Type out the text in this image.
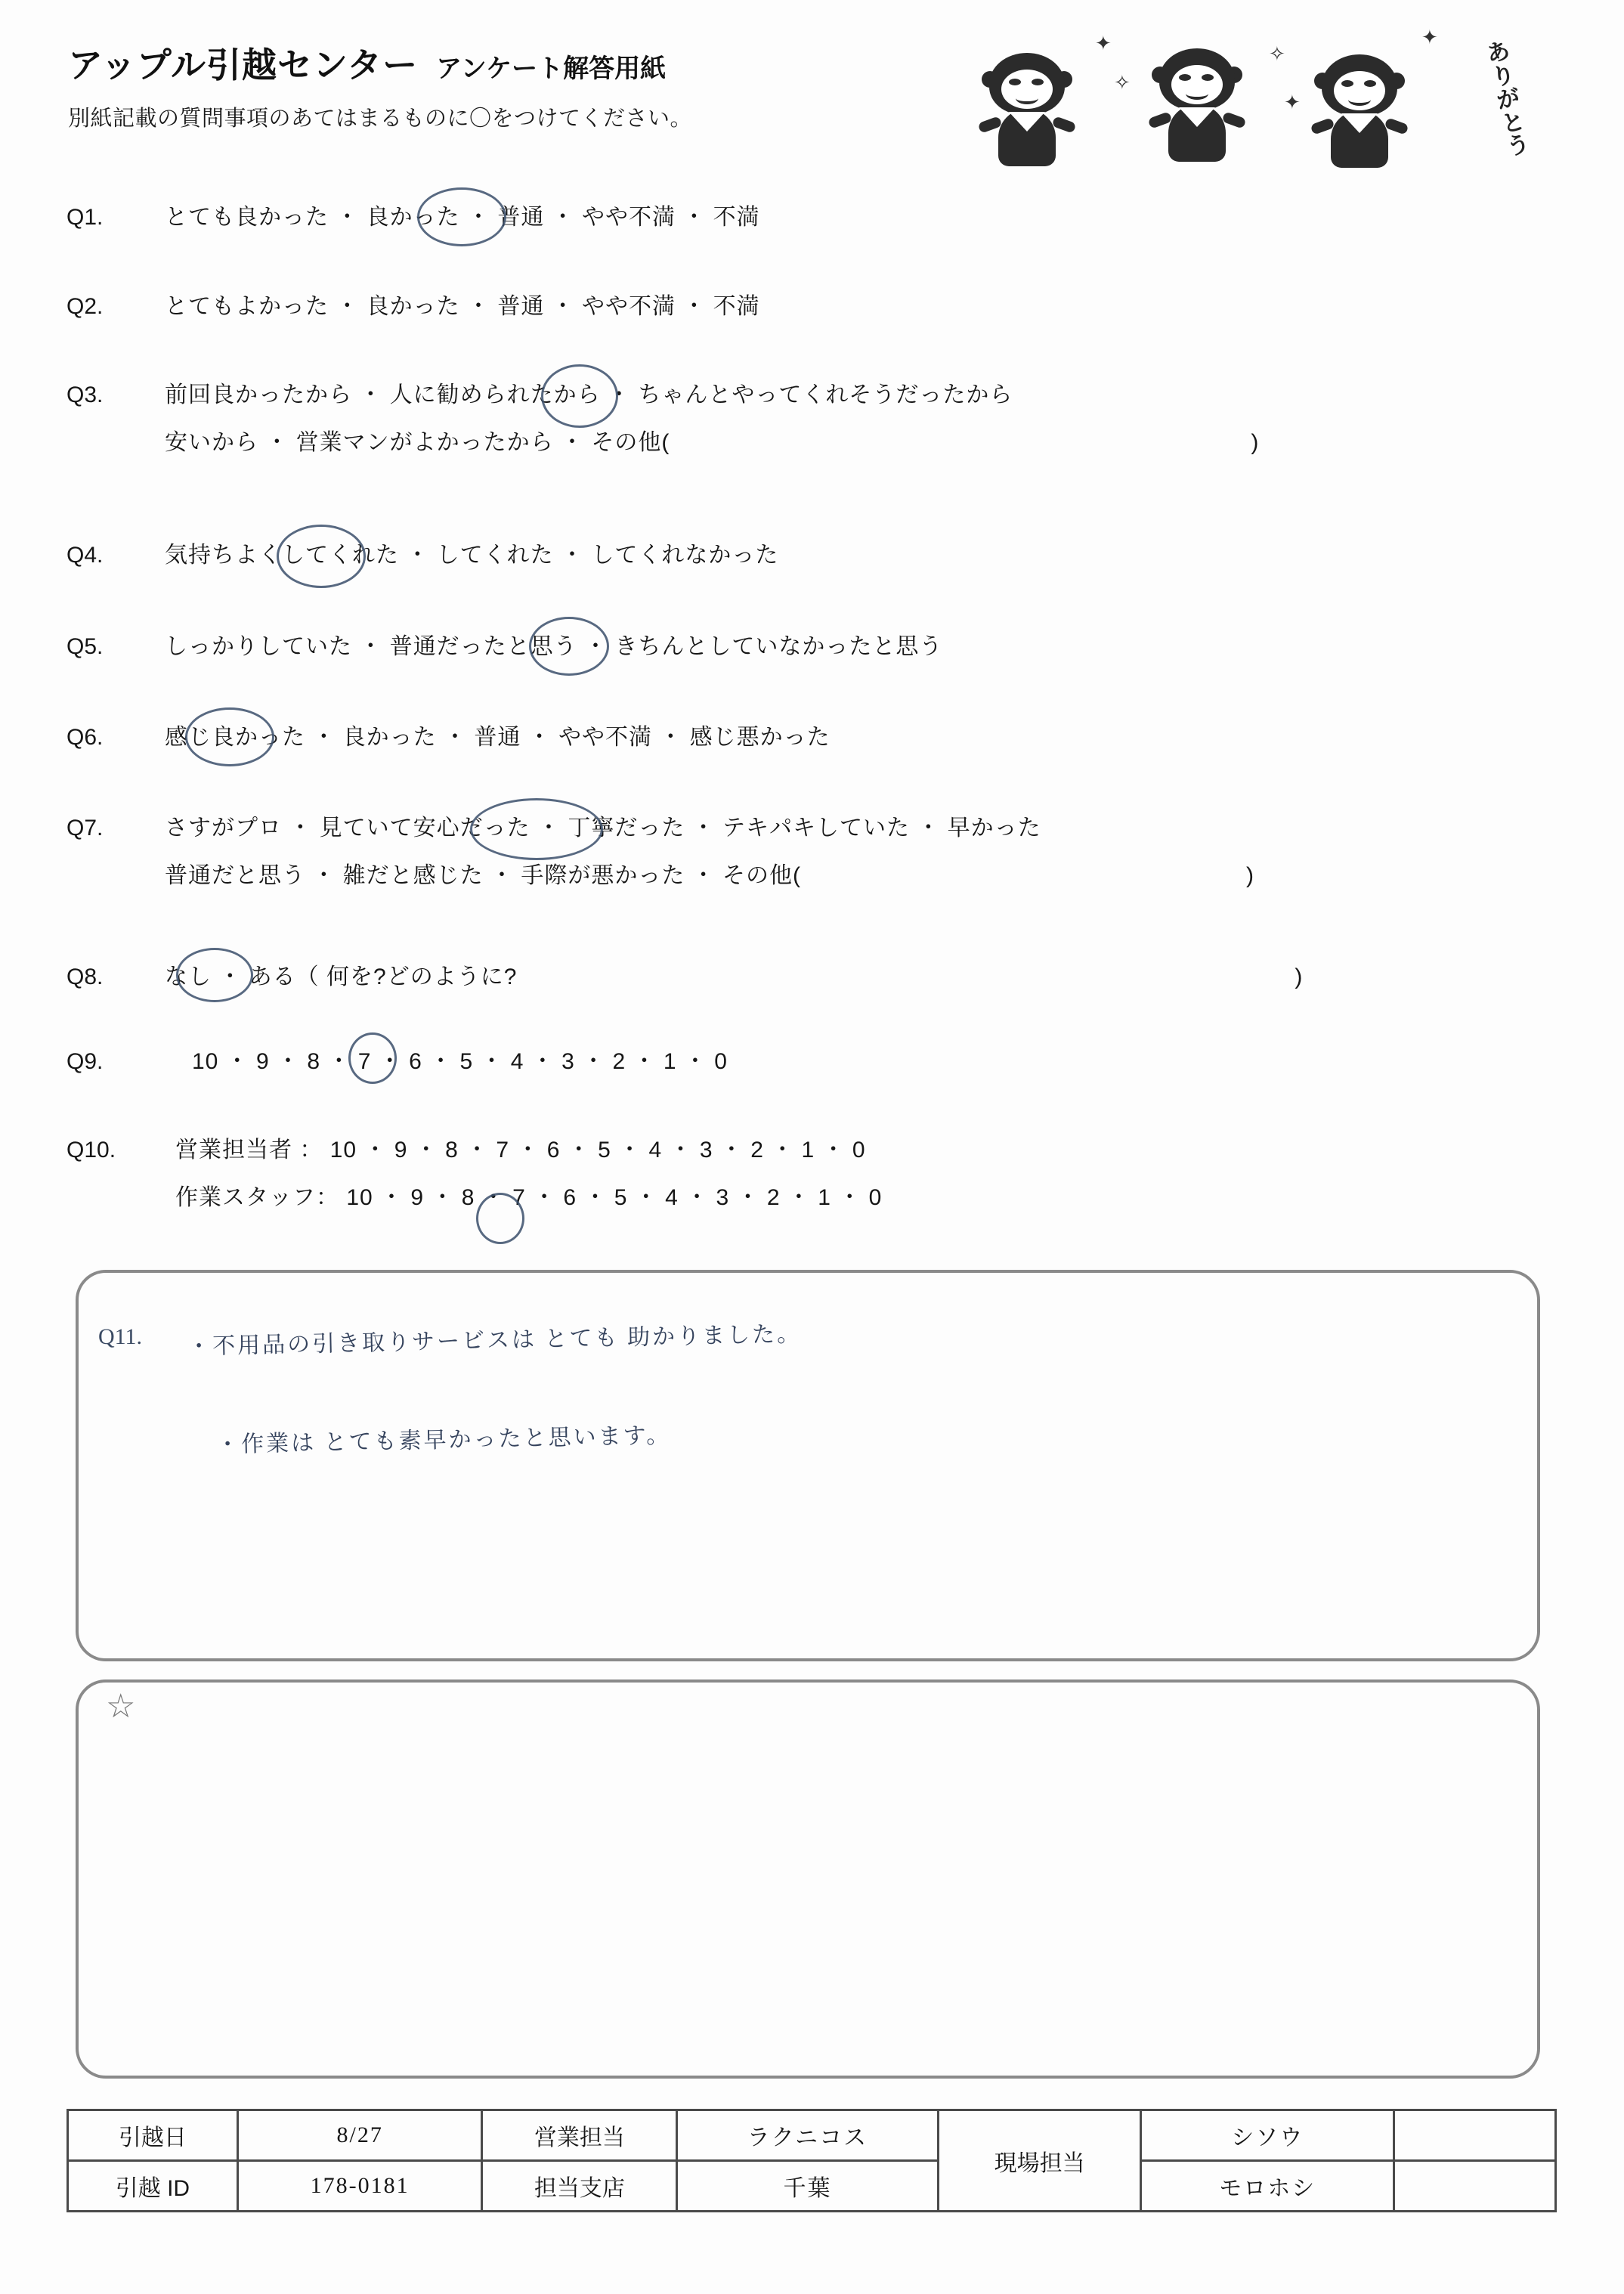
アップル引越センター アンケート解答用紙
別紙記載の質問事項のあてはまるものに〇をつけてください。
✦
✧
✧
✦
✦
ありがとう
Q1.	とても良かった ・ 良かった ・ 普通 ・ やや不満 ・ 不満
Q2.	とてもよかった ・ 良かった ・ 普通 ・ やや不満 ・ 不満
Q3.	前回良かったから ・ 人に勧められたから ・ ちゃんとやってくれそうだったから
安いから ・ 営業マンがよかったから ・ その他(	)
Q4.	気持ちよくしてくれた ・ してくれた ・ してくれなかった
Q5.	しっかりしていた ・ 普通だったと思う ・ きちんとしていなかったと思う
Q6.	感じ良かった ・ 良かった ・ 普通 ・ やや不満 ・ 感じ悪かった
Q7.	さすがプロ ・ 見ていて安心だった ・ 丁寧だった ・ テキパキしていた ・ 早かった
普通だと思う ・ 雑だと感じた ・ 手際が悪かった ・ その他(	)
Q8.	なし ・ ある（ 何を?どのように?	)
Q9.	10 ・ 9 ・ 8 ・ 7 ・ 6 ・ 5 ・ 4 ・ 3 ・ 2 ・ 1 ・ 0
Q10.	営業担当者 ： 10 ・ 9 ・ 8 ・ 7 ・ 6 ・ 5 ・ 4 ・ 3 ・ 2 ・ 1 ・ 0
作業スタッフ： 10 ・ 9 ・ 8 ・ 7 ・ 6 ・ 5 ・ 4 ・ 3 ・ 2 ・ 1 ・ 0
Q11. ・不用品の引き取りサービスは とても 助かりました。
・作業は とても素早かったと思います。
☆
引越日	8/27	営業担当	ラクニコス	現場担当	シソウ	
引越 ID	178-0181	担当支店	千葉		モロホシ	
